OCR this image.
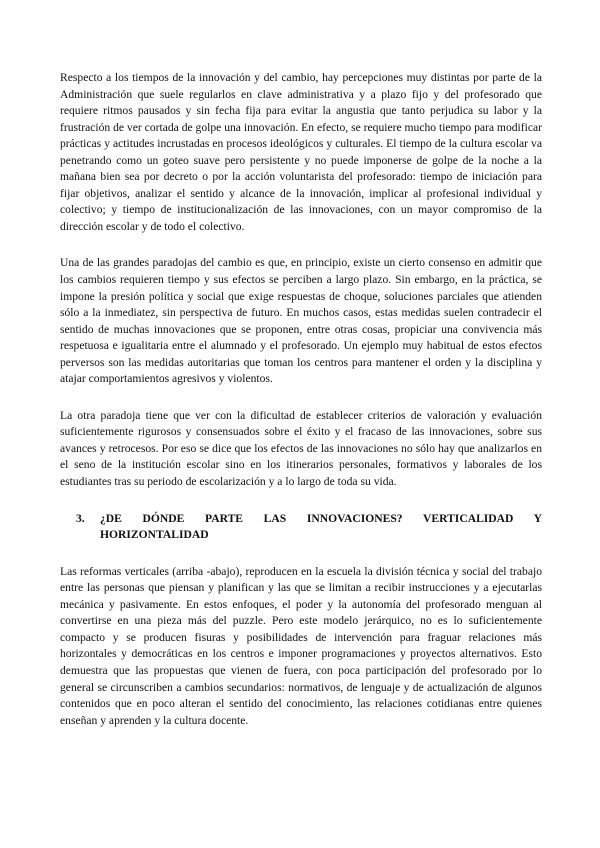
Respecto a los tiempos de la innovación y del cambio, hay percepciones muy distintas por parte de la Administración que suele regularlos en clave administrativa y a plazo fijo y del profesorado que requiere ritmos pausados y sin fecha fija para evitar la angustia que tanto perjudica su labor y la frustración de ver cortada de golpe una innovación. En efecto, se requiere mucho tiempo para modificar prácticas y actitudes incrustadas en procesos ideológicos y culturales. El tiempo de la cultura escolar va penetrando como un goteo suave pero persistente y no puede imponerse de golpe de la noche a la mañana bien sea por decreto o por la acción voluntarista del profesorado: tiempo de iniciación para fijar objetivos, analizar el sentido y alcance de la innovación, implicar al profesional individual y colectivo; y tiempo de institucionalización de las innovaciones, con un mayor compromiso de la dirección escolar y de todo el colectivo.

Una de las grandes paradojas del cambio es que, en principio, existe un cierto consenso en admitir que los cambios requieren tiempo y sus efectos se perciben a largo plazo. Sin embargo, en la práctica, se impone la presión política y social que exige respuestas de choque, soluciones parciales que atienden sólo a la inmediatez, sin perspectiva de futuro. En muchos casos, estas medidas suelen contradecir el sentido de muchas innovaciones que se proponen, entre otras cosas, propiciar una convivencia más respetuosa e igualitaria entre el alumnado y el profesorado. Un ejemplo muy habitual de estos efectos perversos son las medidas autoritarias que toman los centros para mantener el orden y la disciplina y atajar comportamientos agresivos y violentos.

La otra paradoja tiene que ver con la dificultad de establecer criterios de valoración y evaluación suficientemente rigurosos y consensuados sobre el éxito y el fracaso de las innovaciones, sobre sus avances y retrocesos. Por eso se dice que los efectos de las innovaciones no sólo hay que analizarlos en el seno de la institución escolar sino en los itinerarios personales, formativos y laborales de los estudiantes tras su periodo de escolarización y a lo largo de toda su vida.

3.	¿DE DÓNDE PARTE LAS INNOVACIONES? VERTICALIDAD Y HORIZONTALIDAD

Las reformas verticales (arriba -abajo), reproducen en la escuela la división técnica y social del trabajo entre las personas que piensan y planifican y las que se limitan a recibir instrucciones y a ejecutarlas mecánica y pasivamente. En estos enfoques, el poder y la autonomía del profesorado menguan al convertirse en una pieza más del puzzle. Pero este modelo jerárquico, no es lo suficientemente compacto y se producen fisuras y posibilidades de intervención para fraguar relaciones más horizontales y democráticas en los centros e imponer programaciones y proyectos alternativos. Esto demuestra que las propuestas que vienen de fuera, con poca participación del profesorado por lo general se circunscriben a cambios secundarios: normativos, de lenguaje y de actualización de algunos contenidos que en poco alteran el sentido del conocimiento, las relaciones cotidianas entre quienes enseñan y aprenden y la cultura docente.
